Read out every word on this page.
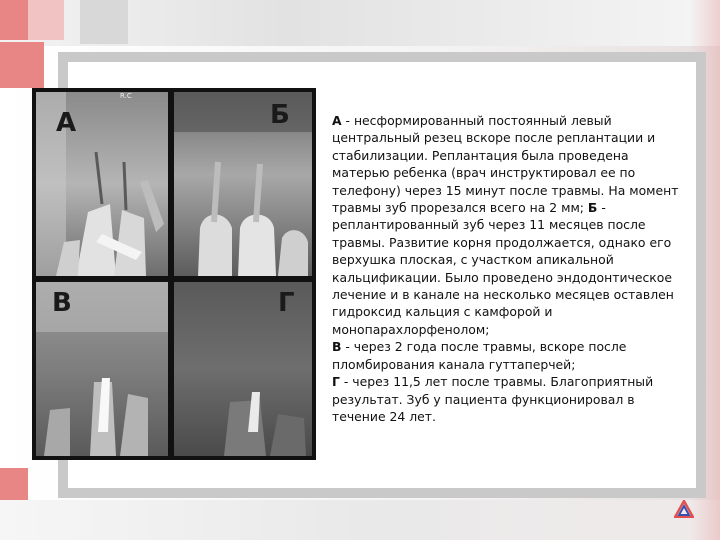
А
R.C
Б
В	Г

А - несформированный постоянный левый центральный резец вскоре после реплантации и стабилизации. Реплантация была проведена матерью ребенка (врач инструктировал ее по телефону) через 15 минут после травмы. На момент травмы зуб прорезался всего на 2 мм; Б - реплантированный зуб через 11 месяцев после травмы. Развитие корня продолжается, однако его верхушка плоская, с участком апикальной кальцификации. Было проведено эндодонтическое лечение и в канале на несколько месяцев оставлен гидроксид кальция с камфорой и монопарахлорфенолом;

В - через 2 года после травмы, вскоре после пломбирования канала гуттаперчей;

Г - через 11,5 лет после травмы. Благоприятный результат. Зуб у пациента функционировал в течение 24 лет.
